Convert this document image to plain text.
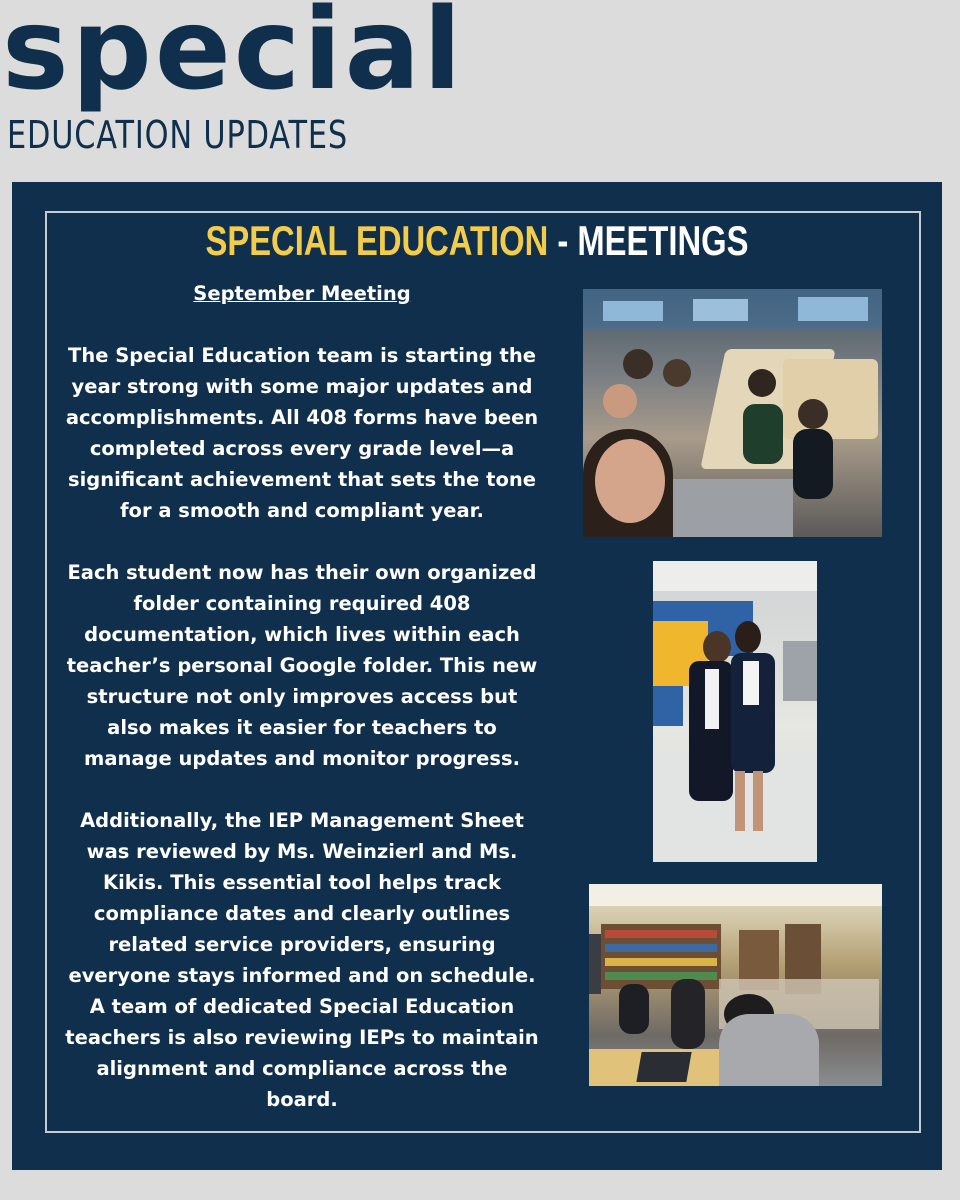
special
EDUCATION UPDATES
SPECIAL EDUCATION - MEETINGS
September Meeting
The Special Education team is starting the year strong with some major updates and accomplishments. All 408 forms have been completed across every grade level—a significant achievement that sets the tone for a smooth and compliant year.
Each student now has their own organized folder containing required 408 documentation, which lives within each teacher’s personal Google folder. This new structure not only improves access but also makes it easier for teachers to manage updates and monitor progress.
Additionally, the IEP Management Sheet was reviewed by Ms. Weinzierl and Ms. Kikis. This essential tool helps track compliance dates and clearly outlines related service providers, ensuring everyone stays informed and on schedule. A team of dedicated Special Education teachers is also reviewing IEPs to maintain alignment and compliance across the board.
